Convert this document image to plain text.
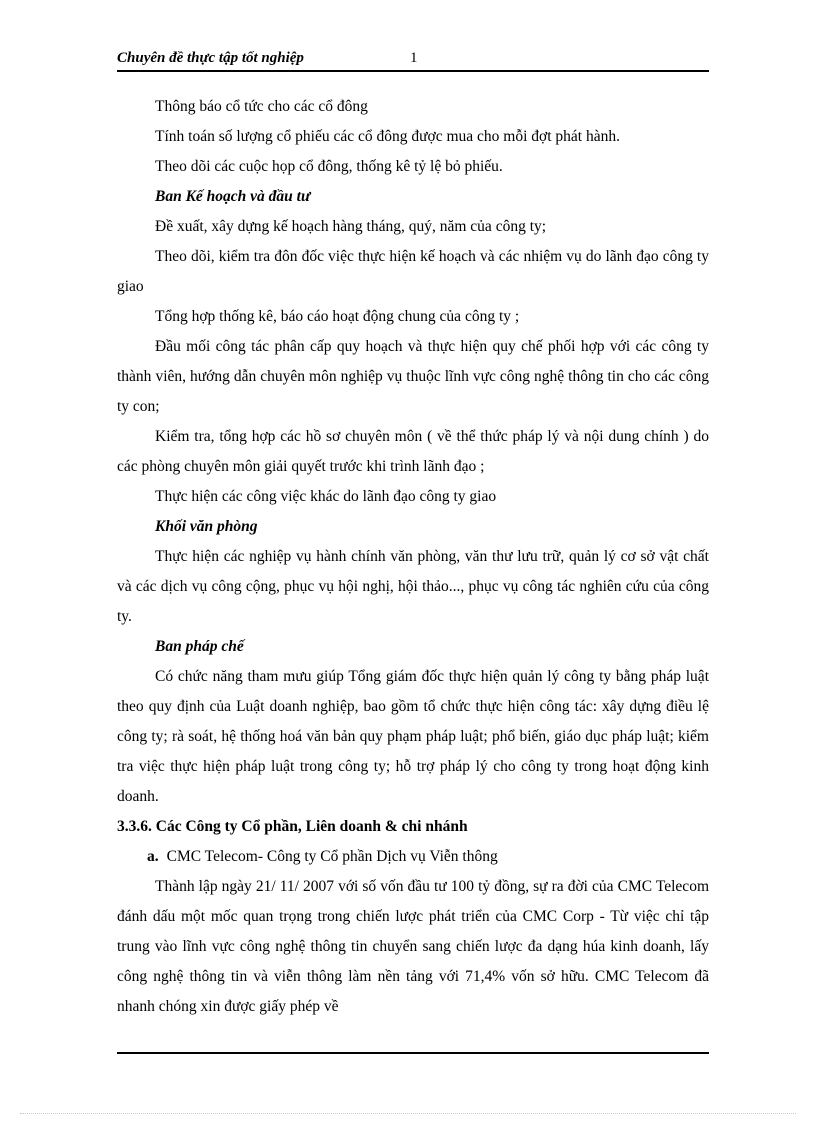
Chuyên đề thực tập tốt nghiệp	1

Thông báo cổ tức cho các cổ đông

Tính toán số lượng cổ phiếu các cổ đông được mua cho mỗi đợt phát hành.

Theo dõi các cuộc họp cổ đông, thống kê tỷ lệ bỏ phiếu.

Ban Kế hoạch và đầu tư

Đề xuất, xây dựng kế hoạch hàng tháng, quý, năm của công ty;

Theo dõi, kiểm tra đôn đốc việc thực hiện kế hoạch và các nhiệm vụ do lãnh đạo công ty giao

Tổng hợp thống kê, báo cáo hoạt động chung của công ty ;

Đầu mối công tác phân cấp quy hoạch và thực hiện quy chế phối hợp với các công ty thành viên, hướng dẫn chuyên môn nghiệp vụ thuộc lĩnh vực công nghệ thông tin cho các công ty con;

Kiểm tra, tổng hợp các hồ sơ chuyên môn ( về thể thức pháp lý và nội dung chính ) do các phòng chuyên môn giải quyết trước khi trình lãnh đạo ;

Thực hiện các công việc khác do lãnh đạo công ty giao

Khối văn phòng

Thực hiện các nghiệp vụ hành chính văn phòng, văn thư lưu trữ, quản lý cơ sở vật chất và các dịch vụ công cộng, phục vụ hội nghị, hội thảo..., phục vụ công tác nghiên cứu của công ty.

Ban pháp chế

Có chức năng tham mưu giúp Tổng giám đốc thực hiện quản lý công ty bằng pháp luật theo quy định của Luật doanh nghiệp, bao gồm tổ chức thực hiện công tác: xây dựng điều lệ công ty; rà soát, hệ thống hoá văn bản quy phạm pháp luật; phổ biến, giáo dục pháp luật; kiểm tra việc thực hiện pháp luật trong công ty; hỗ trợ pháp lý cho công ty trong hoạt động kinh doanh.

3.3.6. Các Công ty Cổ phần, Liên doanh & chi nhánh

a. CMC Telecom- Công ty Cổ phần Dịch vụ Viễn thông

Thành lập ngày 21/ 11/ 2007 với số vốn đầu tư 100 tỷ đồng, sự ra đời của CMC Telecom đánh dấu một mốc quan trọng trong chiến lược phát triển của CMC Corp - Từ việc chỉ tập trung vào lĩnh vực công nghệ thông tin chuyển sang chiến lược đa dạng húa kinh doanh, lấy công nghệ thông tin và viễn thông làm nền tảng với 71,4% vốn sở hữu. CMC Telecom đã nhanh chóng xin được giấy phép về
